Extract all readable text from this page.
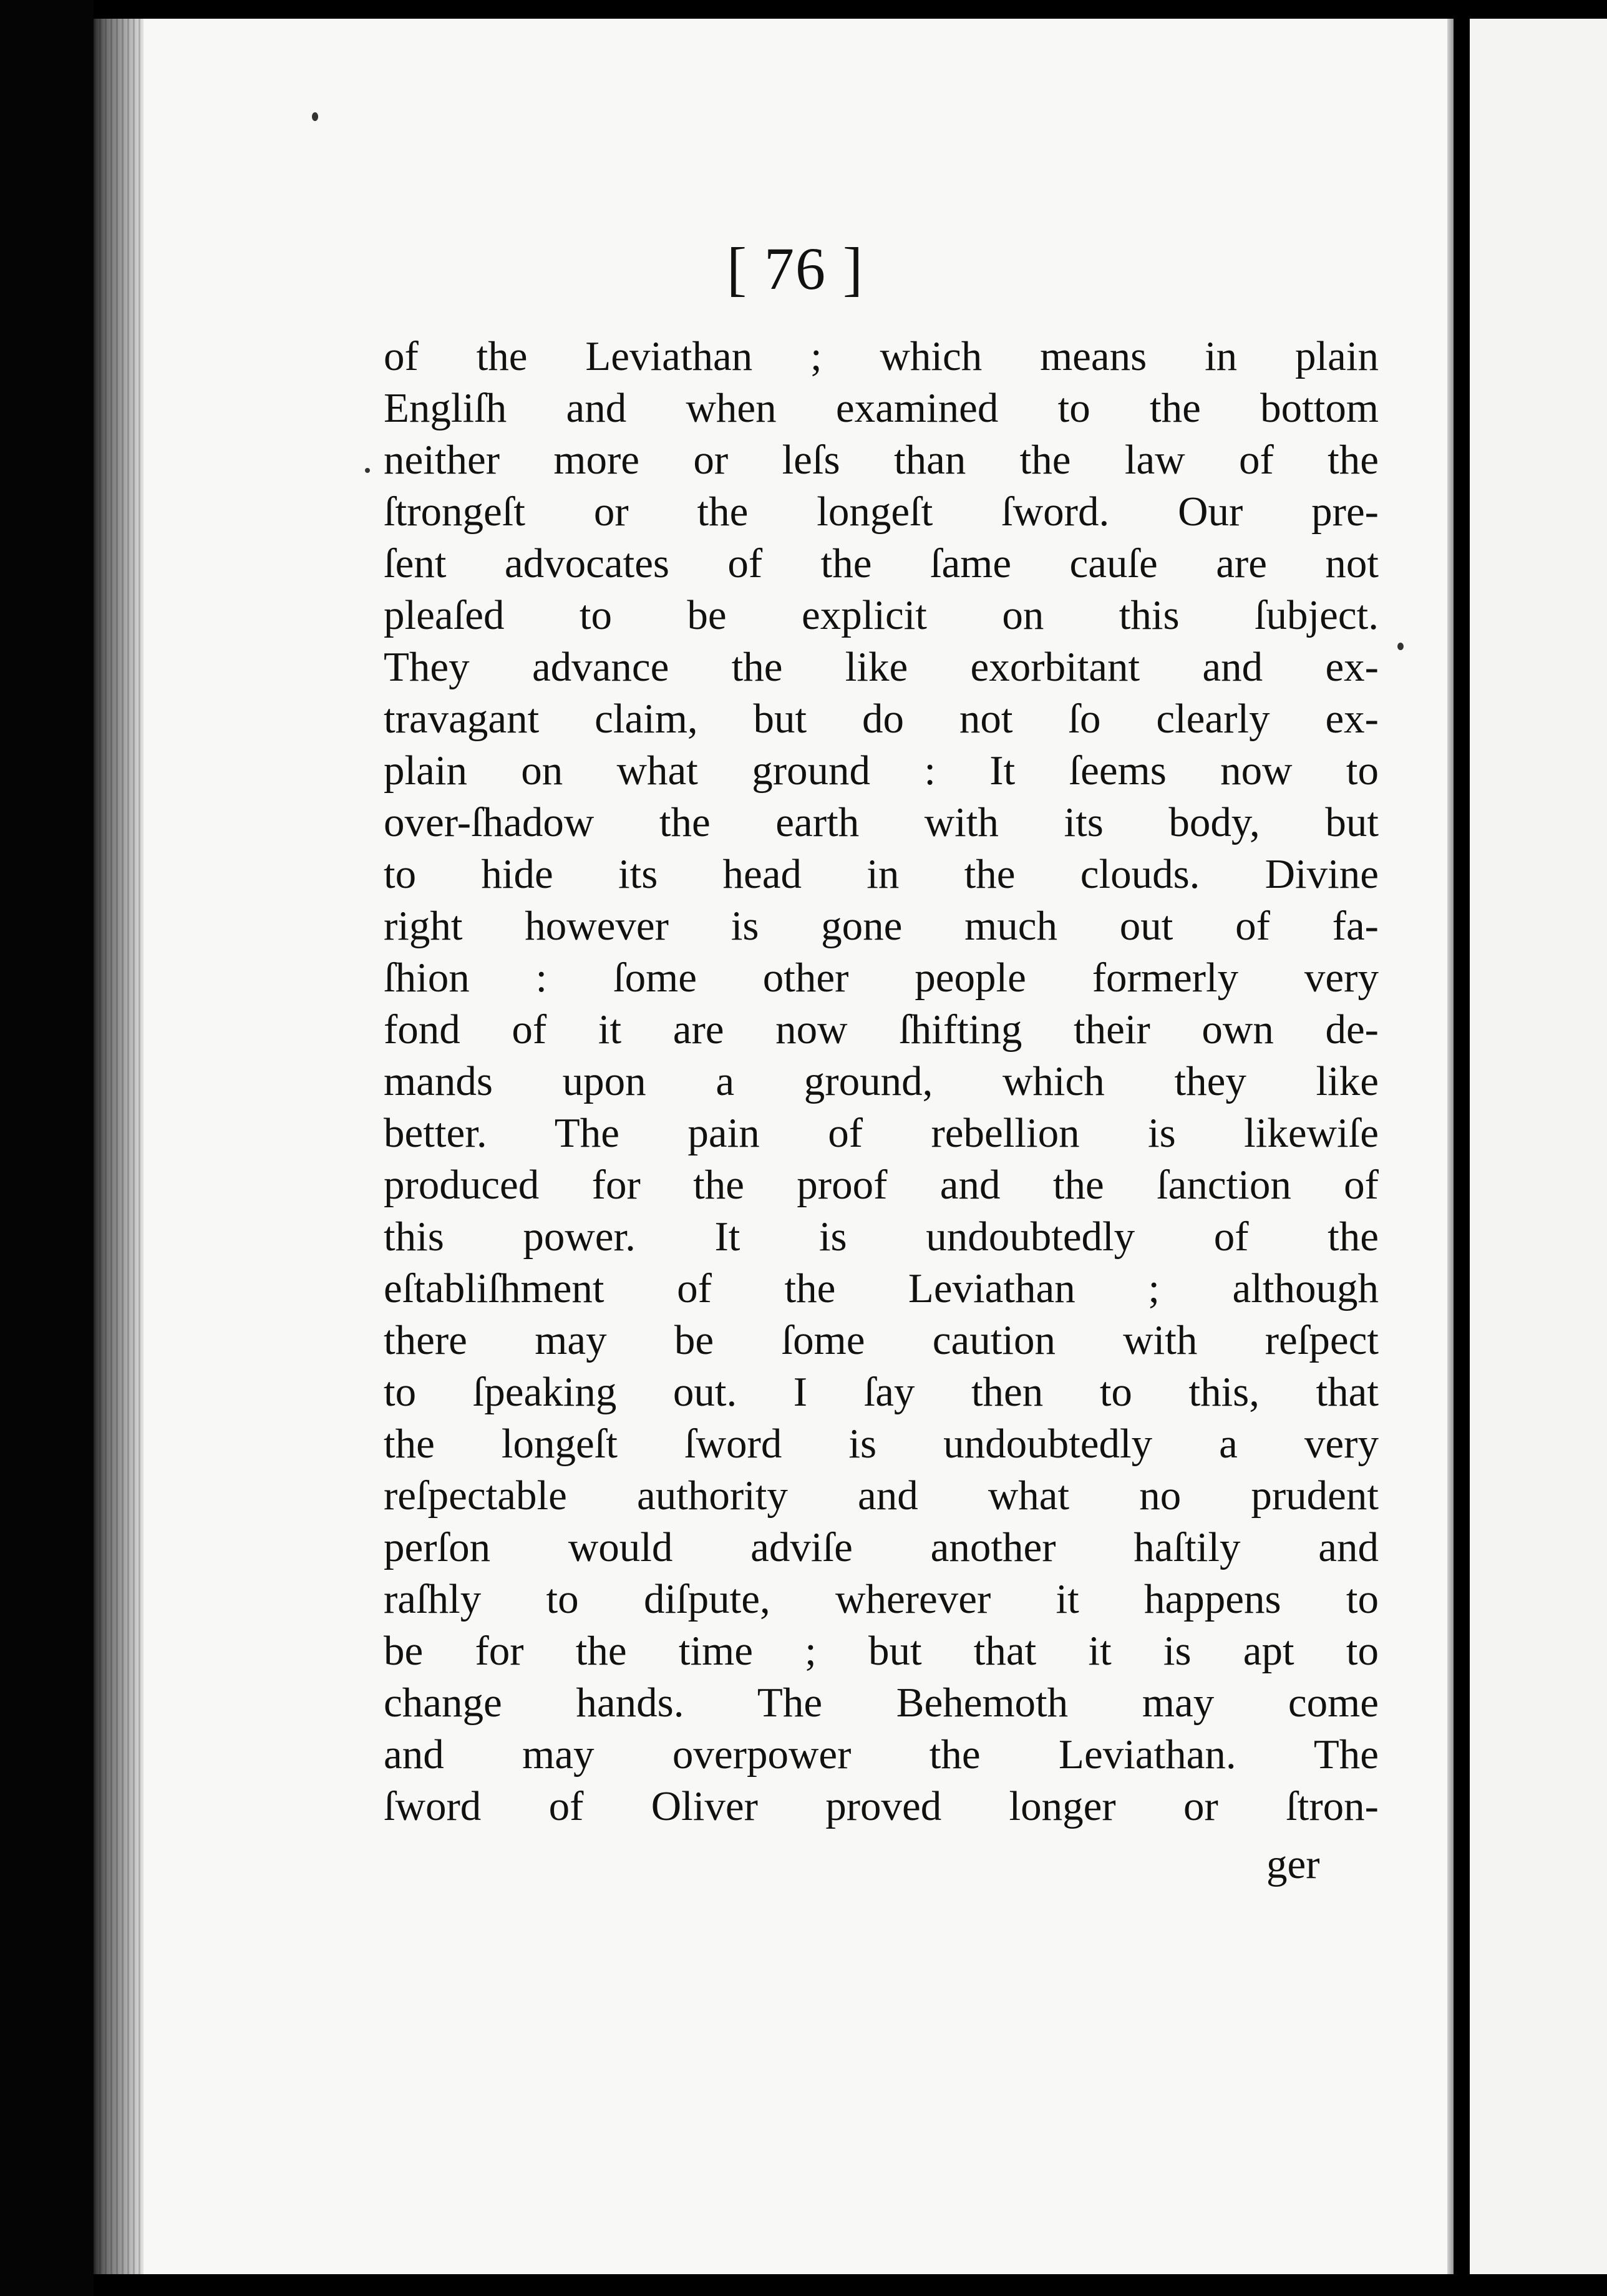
[ 76 ]

of the Leviathan ; which means in plain
Engliſh and when examined to the bottom
neither more or leſs than the law of the
ſtrongeſt or the longeſt ſword. Our pre-
ſent advocates of the ſame cauſe are not
pleaſed to be explicit on this ſubject.
They advance the like exorbitant and ex-
travagant claim, but do not ſo clearly ex-
plain on what ground : It ſeems now to
over-ſhadow the earth with its body, but
to hide its head in the clouds. Divine
right however is gone much out of fa-
ſhion : ſome other people formerly very
fond of it are now ſhifting their own de-
mands upon a ground, which they like
better. The pain of rebellion is likewiſe
produced for the proof and the ſanction of
this power. It is undoubtedly of the
eſtabliſhment of the Leviathan ; although
there may be ſome caution with reſpect
to ſpeaking out. I ſay then to this, that
the longeſt ſword is undoubtedly a very
reſpectable authority and what no prudent
perſon would adviſe another haſtily and
raſhly to diſpute, wherever it happens to
be for the time ; but that it is apt to
change hands. The Behemoth may come
and may overpower the Leviathan. The
ſword of Oliver proved longer or ſtron-

ger
